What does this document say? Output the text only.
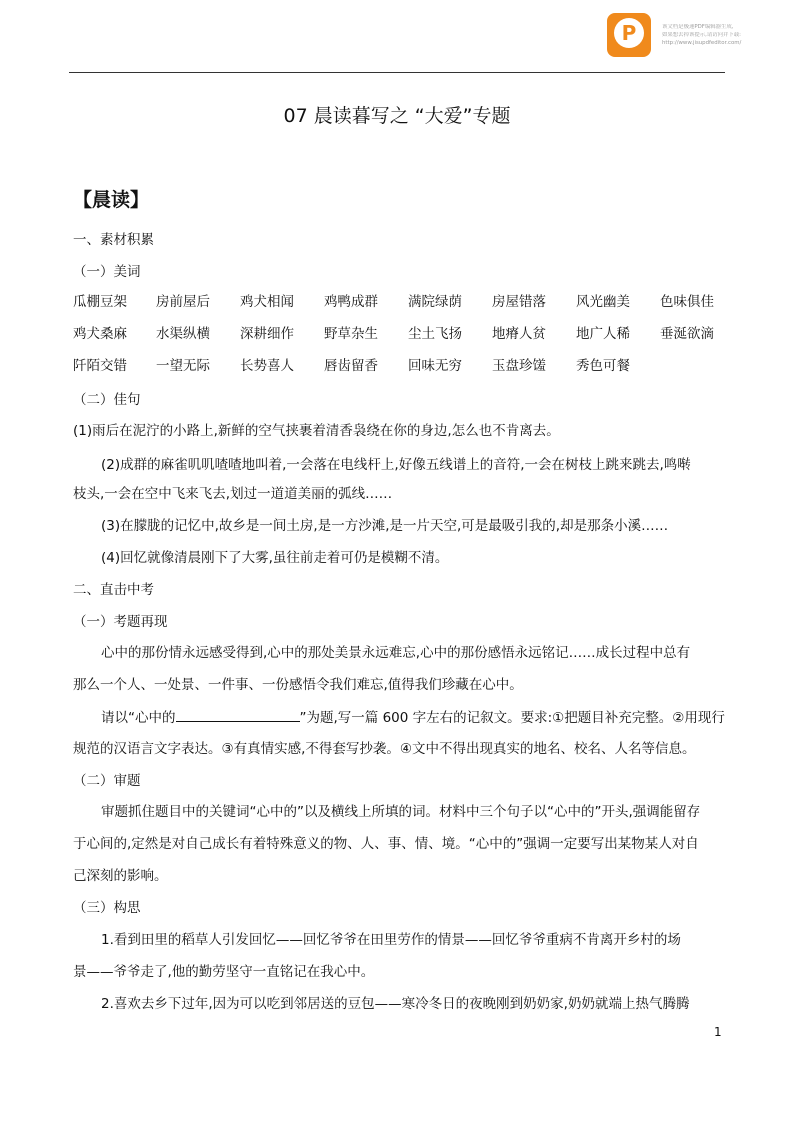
P	该文档是极速PDF编辑器生成,
如果想去掉该提示,请访问并下载:
http://www.jisupdfeditor.com/
07 晨读暮写之 “大爱”专题
【晨读】
一、素材积累
（一）美词
瓜棚豆架 房前屋后 鸡犬相闻 鸡鸭成群 满院绿荫 房屋错落 风光幽美 色味俱佳
鸡犬桑麻 水渠纵横 深耕细作 野草杂生 尘土飞扬 地瘠人贫 地广人稀 垂涎欲滴
阡陌交错 一望无际 长势喜人 唇齿留香 回味无穷 玉盘珍馐 秀色可餐
（二）佳句
(1)雨后在泥泞的小路上,新鲜的空气挟裹着清香袅绕在你的身边,怎么也不肯离去。
(2)成群的麻雀叽叽喳喳地叫着,一会落在电线杆上,好像五线谱上的音符,一会在树枝上跳来跳去,鸣啭
枝头,一会在空中飞来飞去,划过一道道美丽的弧线……
(3)在朦胧的记忆中,故乡是一间土房,是一方沙滩,是一片天空,可是最吸引我的,却是那条小溪……
(4)回忆就像清晨刚下了大雾,虽往前走着可仍是模糊不清。
二、直击中考
（一）考题再现
心中的那份情永远感受得到,心中的那处美景永远难忘,心中的那份感悟永远铭记……成长过程中总有
那么一个人、一处景、一件事、一份感悟令我们难忘,值得我们珍藏在心中。
请以“心中的	”为题,写一篇 600 字左右的记叙文。要求:①把题目补充完整。②用现行
规范的汉语言文字表达。③有真情实感,不得套写抄袭。④文中不得出现真实的地名、校名、人名等信息。
（二）审题
审题抓住题目中的关键词“心中的”以及横线上所填的词。材料中三个句子以“心中的”开头,强调能留存
于心间的,定然是对自己成长有着特殊意义的物、人、事、情、境。“心中的”强调一定要写出某物某人对自
己深刻的影响。
（三）构思
1.看到田里的稻草人引发回忆——回忆爷爷在田里劳作的情景——回忆爷爷重病不肯离开乡村的场
景——爷爷走了,他的勤劳坚守一直铭记在我心中。
2.喜欢去乡下过年,因为可以吃到邻居送的豆包——寒冷冬日的夜晚刚到奶奶家,奶奶就端上热气腾腾
1
